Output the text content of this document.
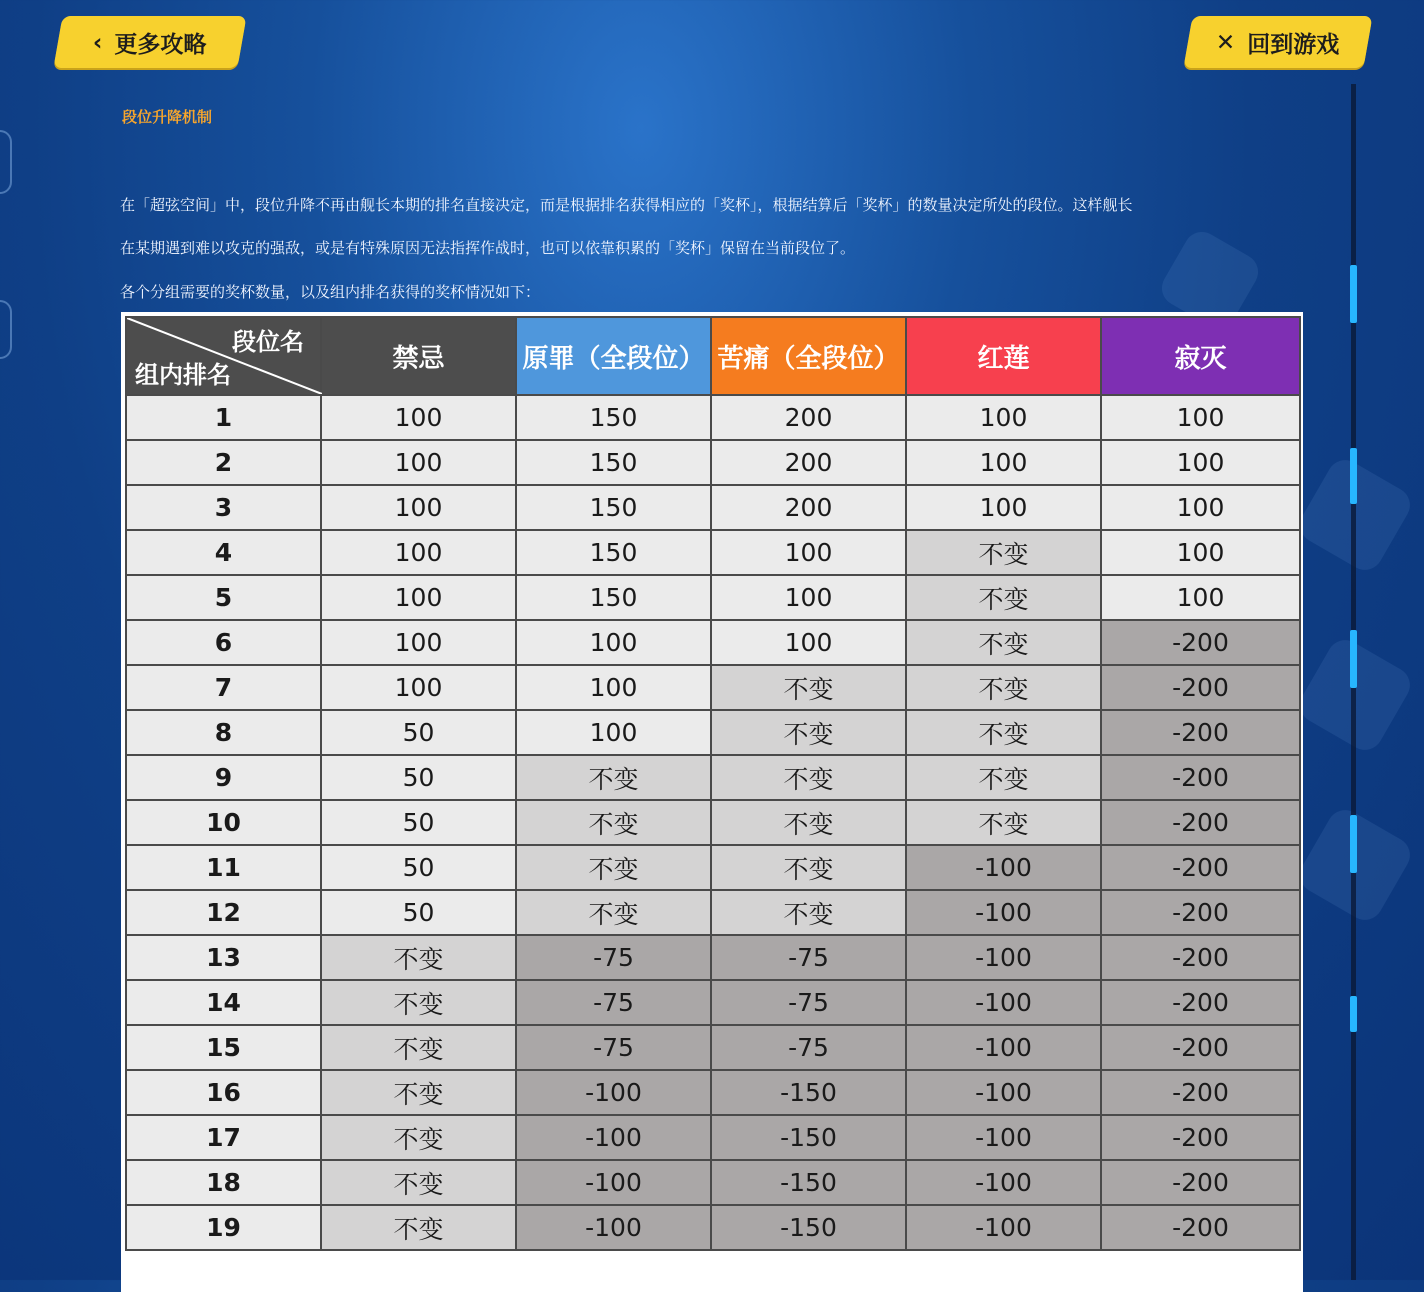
‹ 更多攻略	✕ 回到游戏
段位升降机制
在「超弦空间」中，段位升降不再由舰长本期的排名直接决定，而是根据排名获得相应的「奖杯」，根据结算后「奖杯」的数量决定所处的段位。这样舰长
在某期遇到难以攻克的强敌，或是有特殊原因无法指挥作战时，也可以依靠积累的「奖杯」保留在当前段位了。
各个分组需要的奖杯数量，以及组内排名获得的奖杯情况如下：
段位名
组内排名	禁忌	原罪（全段位）	苦痛（全段位）	红莲	寂灭
1	100	150	200	100	100
2	100	150	200	100	100
3	100	150	200	100	100
4	100	150	100	不变	100
5	100	150	100	不变	100
6	100	100	100	不变	-200
7	100	100	不变	不变	-200
8	50	100	不变	不变	-200
9	50	不变	不变	不变	-200
10	50	不变	不变	不变	-200
11	50	不变	不变	-100	-200
12	50	不变	不变	-100	-200
13	不变	-75	-75	-100	-200
14	不变	-75	-75	-100	-200
15	不变	-75	-75	-100	-200
16	不变	-100	-150	-100	-200
17	不变	-100	-150	-100	-200
18	不变	-100	-150	-100	-200
19	不变	-100	-150	-100	-200
